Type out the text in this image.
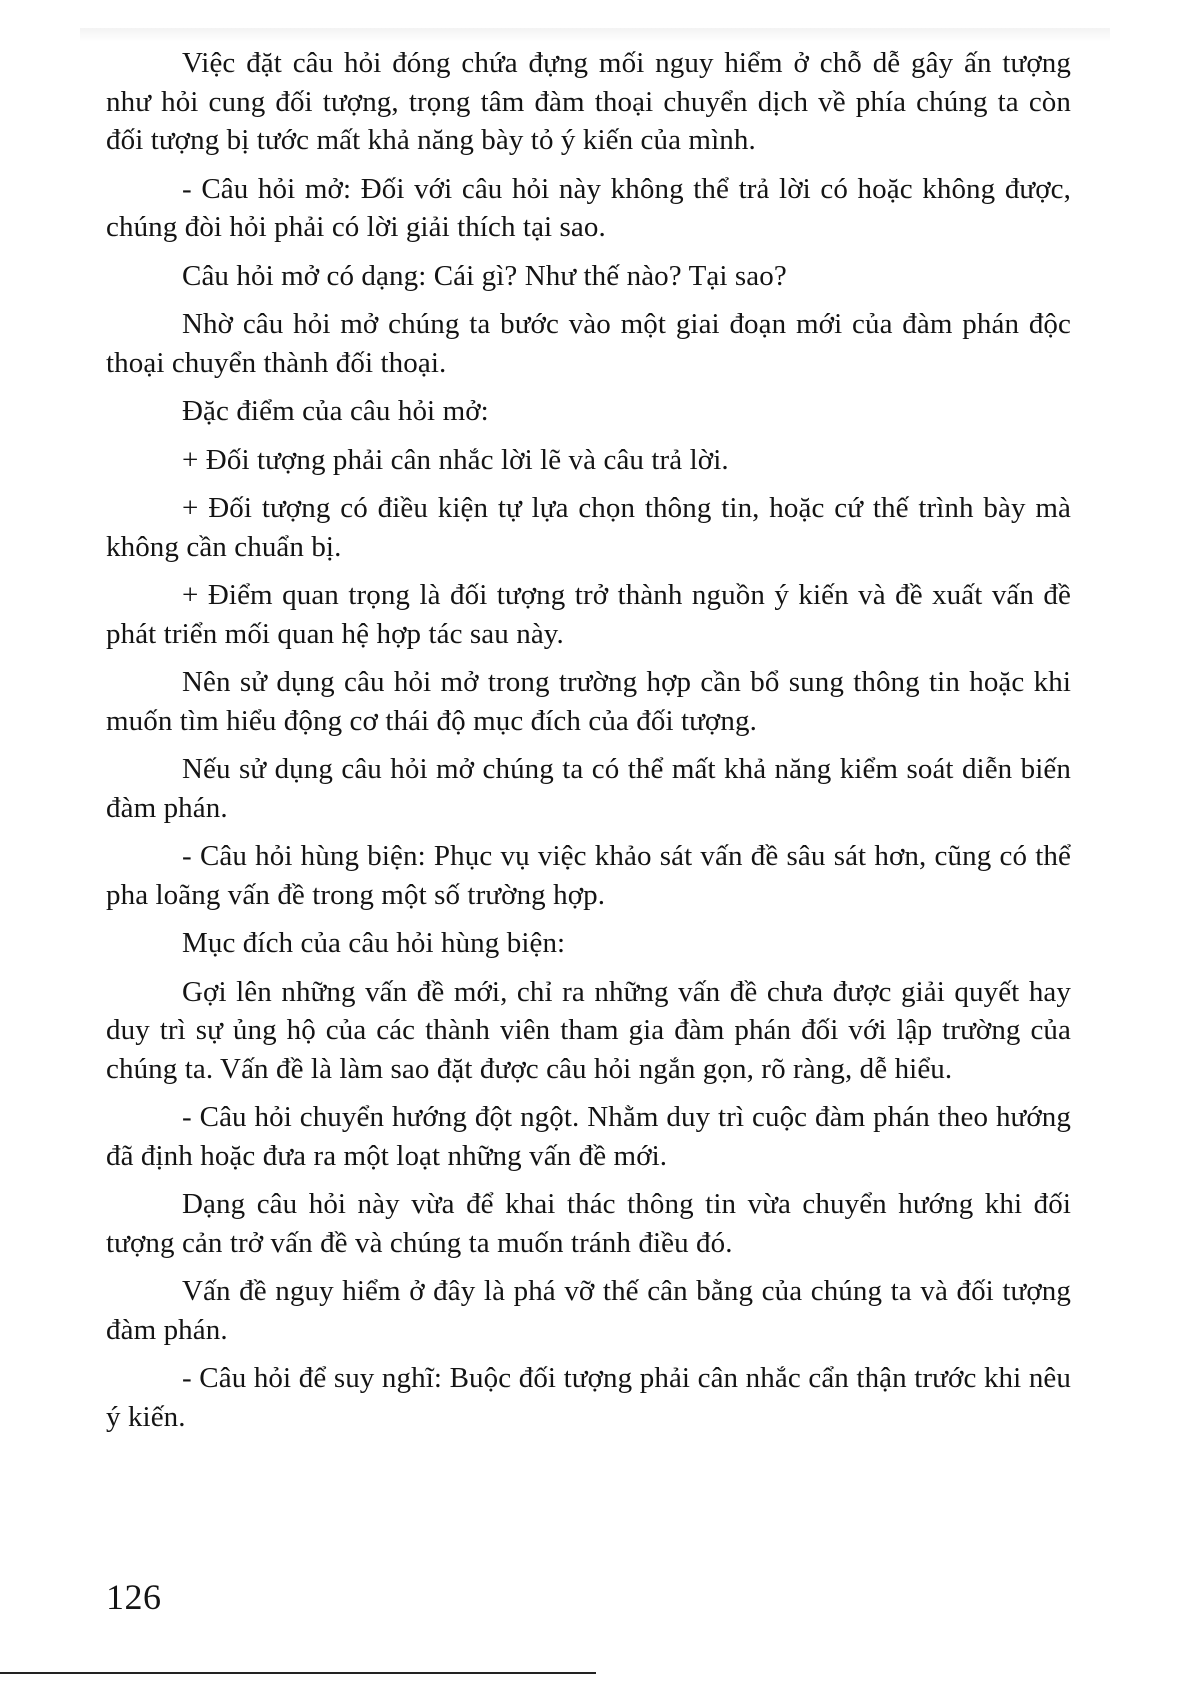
Việc đặt câu hỏi đóng chứa đựng mối nguy hiểm ở chỗ dễ gây ấn tượng như hỏi cung đối tượng, trọng tâm đàm thoại chuyển dịch về phía chúng ta còn đối tượng bị tước mất khả năng bày tỏ ý kiến của mình.

- Câu hỏi mở: Đối với câu hỏi này không thể trả lời có hoặc không được, chúng đòi hỏi phải có lời giải thích tại sao.

Câu hỏi mở có dạng: Cái gì? Như thế nào? Tại sao?

Nhờ câu hỏi mở chúng ta bước vào một giai đoạn mới của đàm phán độc thoại chuyển thành đối thoại.

Đặc điểm của câu hỏi mở:

+ Đối tượng phải cân nhắc lời lẽ và câu trả lời.

+ Đối tượng có điều kiện tự lựa chọn thông tin, hoặc cứ thế trình bày mà không cần chuẩn bị.

+ Điểm quan trọng là đối tượng trở thành nguồn ý kiến và đề xuất vấn đề phát triển mối quan hệ hợp tác sau này.

Nên sử dụng câu hỏi mở trong trường hợp cần bổ sung thông tin hoặc khi muốn tìm hiểu động cơ thái độ mục đích của đối tượng.

Nếu sử dụng câu hỏi mở chúng ta có thể mất khả năng kiểm soát diễn biến đàm phán.

- Câu hỏi hùng biện: Phục vụ việc khảo sát vấn đề sâu sát hơn, cũng có thể pha loãng vấn đề trong một số trường hợp.

Mục đích của câu hỏi hùng biện:

Gợi lên những vấn đề mới, chỉ ra những vấn đề chưa được giải quyết hay duy trì sự ủng hộ của các thành viên tham gia đàm phán đối với lập trường của chúng ta. Vấn đề là làm sao đặt được câu hỏi ngắn gọn, rõ ràng, dễ hiểu.

- Câu hỏi chuyển hướng đột ngột. Nhằm duy trì cuộc đàm phán theo hướng đã định hoặc đưa ra một loạt những vấn đề mới.

Dạng câu hỏi này vừa để khai thác thông tin vừa chuyển hướng khi đối tượng cản trở vấn đề và chúng ta muốn tránh điều đó.

Vấn đề nguy hiểm ở đây là phá vỡ thế cân bằng của chúng ta và đối tượng đàm phán.

- Câu hỏi để suy nghĩ: Buộc đối tượng phải cân nhắc cẩn thận trước khi nêu ý kiến.

126
